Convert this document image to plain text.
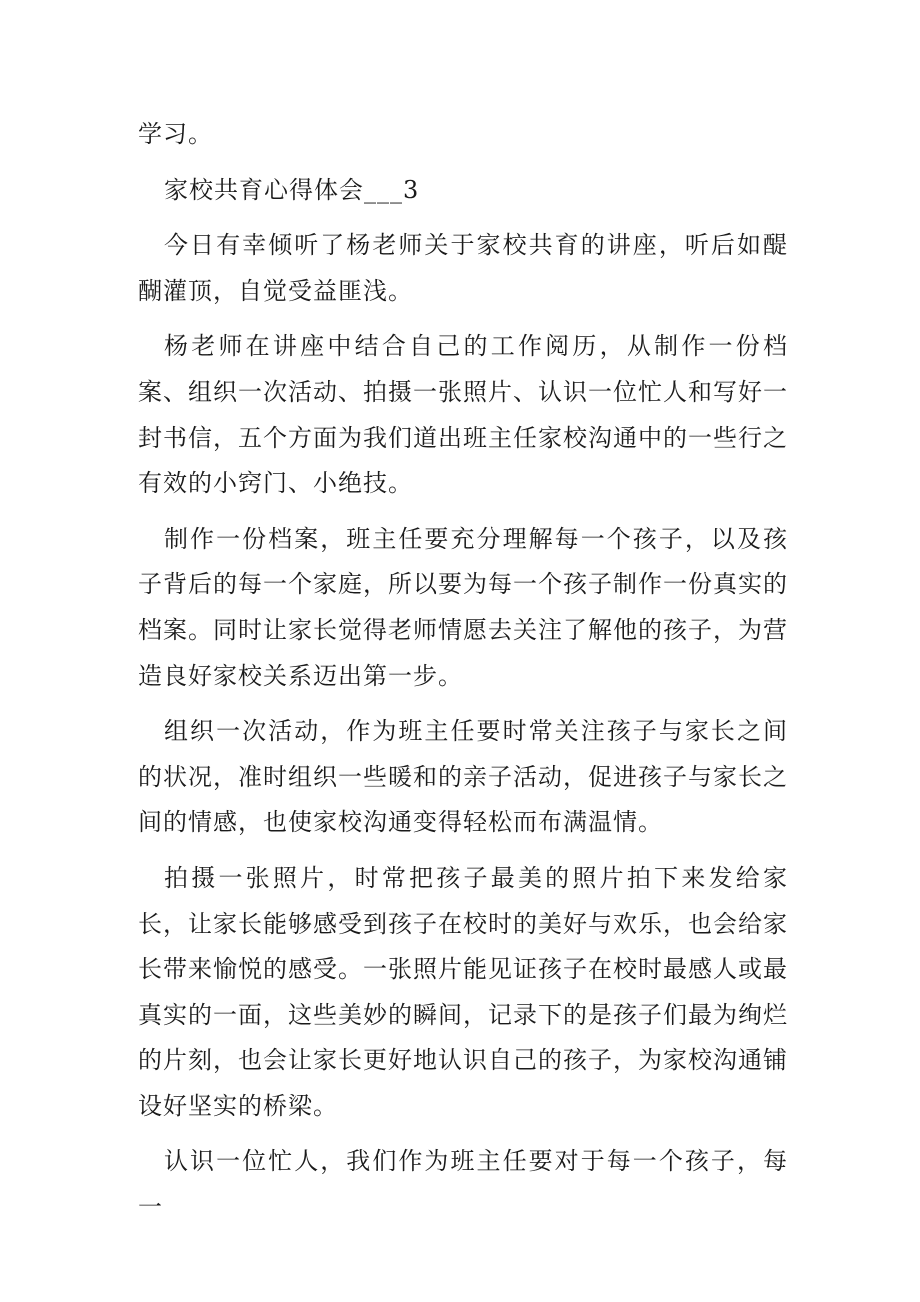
学习。

家校共育心得体会___3

今日有幸倾听了杨老师关于家校共育的讲座，听后如醍醐灌顶，自觉受益匪浅。

杨老师在讲座中结合自己的工作阅历，从制作一份档案、组织一次活动、拍摄一张照片、认识一位忙人和写好一封书信，五个方面为我们道出班主任家校沟通中的一些行之有效的小窍门、小绝技。

制作一份档案，班主任要充分理解每一个孩子，以及孩子背后的每一个家庭，所以要为每一个孩子制作一份真实的档案。同时让家长觉得老师情愿去关注了解他的孩子，为营造良好家校关系迈出第一步。

组织一次活动，作为班主任要时常关注孩子与家长之间的状况，准时组织一些暖和的亲子活动，促进孩子与家长之间的情感，也使家校沟通变得轻松而布满温情。

拍摄一张照片，时常把孩子最美的照片拍下来发给家长，让家长能够感受到孩子在校时的美好与欢乐，也会给家长带来愉悦的感受。一张照片能见证孩子在校时最感人或最真实的一面，这些美妙的瞬间，记录下的是孩子们最为绚烂的片刻，也会让家长更好地认识自己的孩子，为家校沟通铺设好坚实的桥梁。

认识一位忙人，我们作为班主任要对于每一个孩子，每一
